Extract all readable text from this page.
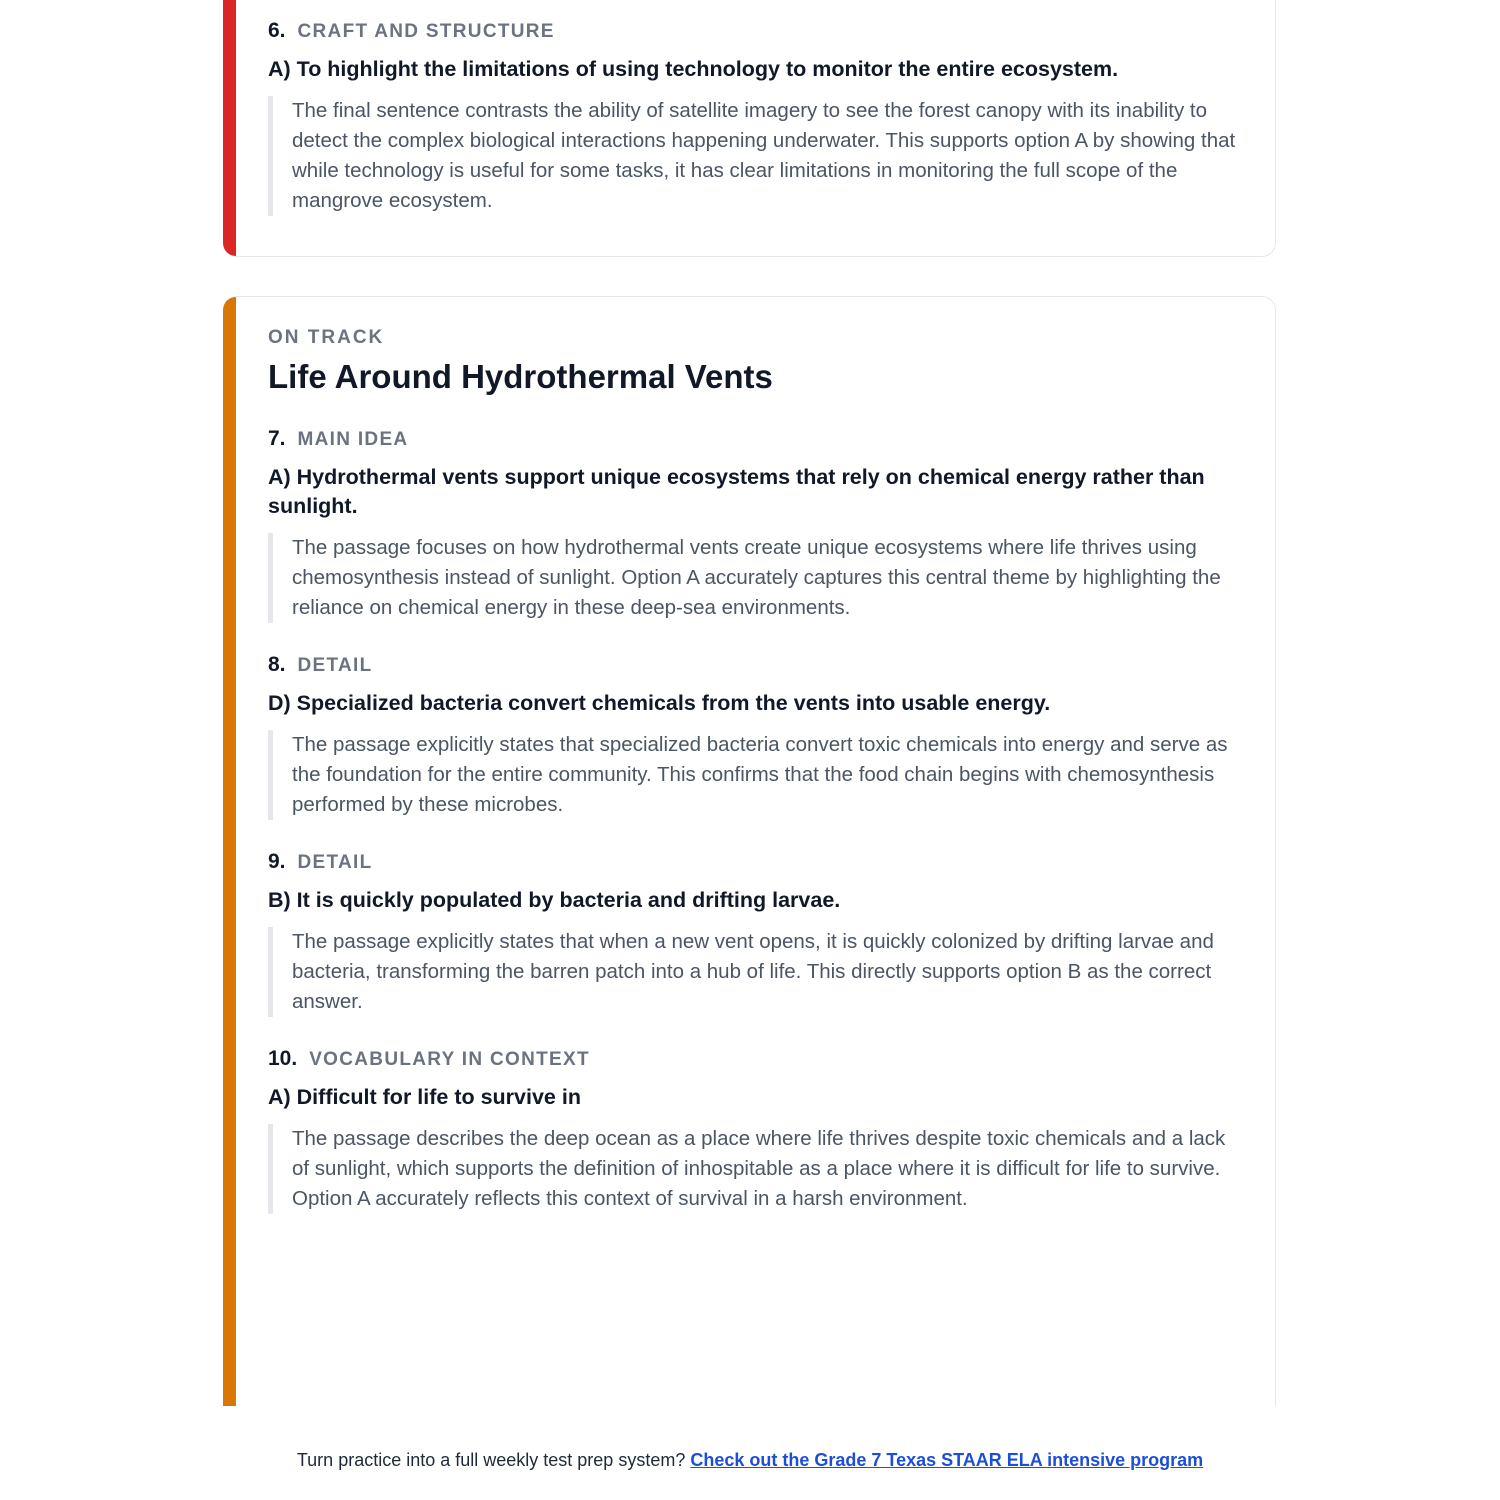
6. CRAFT AND STRUCTURE

A) To highlight the limitations of using technology to monitor the entire ecosystem.

The final sentence contrasts the ability of satellite imagery to see the forest canopy with its inability to detect the complex biological interactions happening underwater. This supports option A by showing that while technology is useful for some tasks, it has clear limitations in monitoring the full scope of the mangrove ecosystem.

ON TRACK

Life Around Hydrothermal Vents
7. MAIN IDEA

A) Hydrothermal vents support unique ecosystems that rely on chemical energy rather than sunlight.

The passage focuses on how hydrothermal vents create unique ecosystems where life thrives using chemosynthesis instead of sunlight. Option A accurately captures this central theme by highlighting the reliance on chemical energy in these deep-sea environments.

8. DETAIL

D) Specialized bacteria convert chemicals from the vents into usable energy.

The passage explicitly states that specialized bacteria convert toxic chemicals into energy and serve as the foundation for the entire community. This confirms that the food chain begins with chemosynthesis performed by these microbes.

9. DETAIL

B) It is quickly populated by bacteria and drifting larvae.

The passage explicitly states that when a new vent opens, it is quickly colonized by drifting larvae and bacteria, transforming the barren patch into a hub of life. This directly supports option B as the correct answer.

10. VOCABULARY IN CONTEXT

A) Difficult for life to survive in

The passage describes the deep ocean as a place where life thrives despite toxic chemicals and a lack of sunlight, which supports the definition of inhospitable as a place where it is difficult for life to survive. Option A accurately reflects this context of survival in a harsh environment.

Turn practice into a full weekly test prep system? Check out the Grade 7 Texas STAAR ELA intensive program
